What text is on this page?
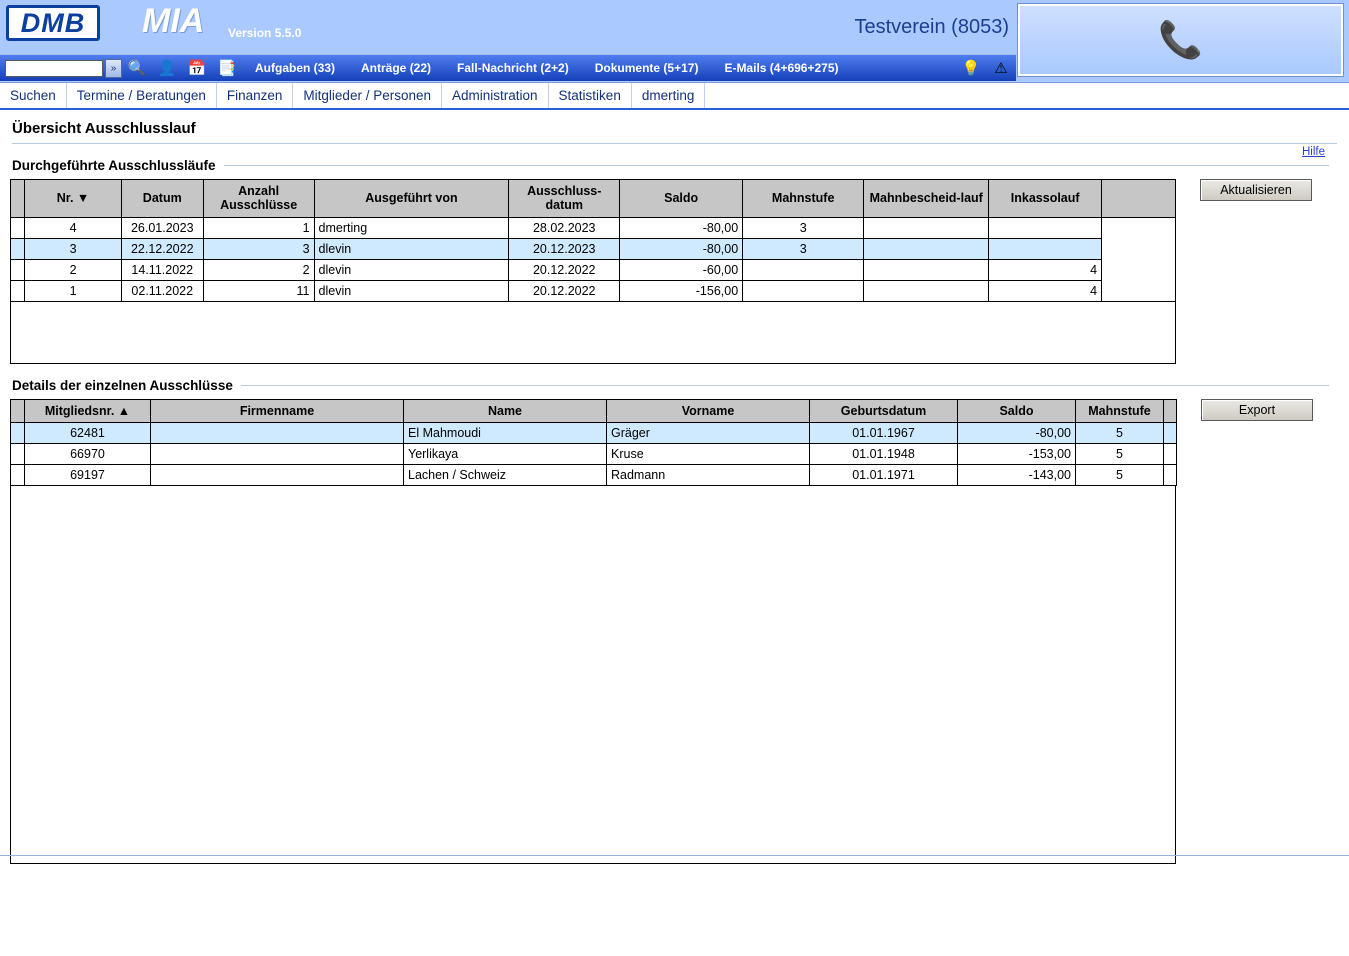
DMB MIA Version 5.5.0	Testverein (8053)	📞
» 🔍 👤 📅 📑	Aufgaben (33)	Anträge (22)	Fall-Nachricht (2+2)	Dokumente (5+17)	E-Mails (4+696+275)	💡 ⚠
Suchen	Termine / Beratungen	Finanzen	Mitglieder / Personen	Administration	Statistiken	dmerting
Übersicht Ausschlusslauf
Hilfe
Durchgeführte Ausschlussläufe
	Nr. ▼	Datum	Anzahl Ausschlüsse	Ausgeführt von	Ausschluss-datum	Saldo	Mahnstufe	Mahnbescheid-lauf	Inkassolauf	
	4	26.01.2023	1	dmerting	28.02.2023	-80,00	3			
	3	22.12.2022	3	dlevin	20.12.2023	-80,00	3			
	2	14.11.2022	2	dlevin	20.12.2022	-60,00			4	
	1	02.11.2022	11	dlevin	20.12.2022	-156,00			4	
Aktualisieren
Details der einzelnen Ausschlüsse
	Mitgliedsnr. ▲	Firmenname	Name	Vorname	Geburtsdatum	Saldo	Mahnstufe	
	62481		El Mahmoudi	Gräger	01.01.1967	-80,00	5	
	66970		Yerlikaya	Kruse	01.01.1948	-153,00	5	
	69197		Lachen / Schweiz	Radmann	01.01.1971	-143,00	5	
Export
